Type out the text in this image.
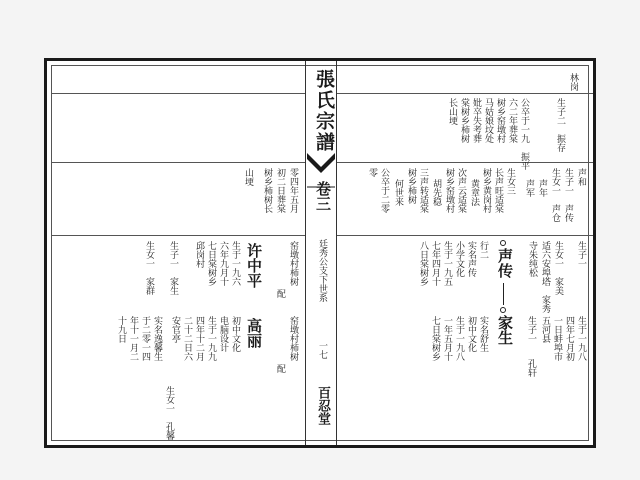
張氏宗譜
卷三
廷秀公支下世系
一七
百忍堂
林岗
生子二　振存
公卒于一九　振平
六二年葬棠
树乡窑墩村
马姑娘坟处
妣卒失考葬
棠树乡柿树
长山埂
声和
生子一　声传
生女一　声仓
声年
声军
生女三
长声旺适棠
树乡黄岗村
黄章法
次声云适棠
树乡窑墩村
胡先稳
三声转适棠
树乡柿树
何世来
公卒于二零
零
生子一
生女一　家美
适六安埠塔　家秀
寺朱纯松
声传
家生
行二
实名声传
小学文化
生于一九五
七年四月十
八日棠树乡
生于一九八
四年七月初
一日蚌埠市
五河县
生子一
孔轩
实名舒生
初中文化
生于一九八
一年五月十
七日棠树乡
零四年五月
初二日葬棠
树乡柿树长
山埂
窑墩村柿树
配
许中平
生于一九六
六年九月十
七日棠树乡
邱岗村
生子一　家生
生女一　家群
窑墩村柿树
配
高丽
初中文化
电脑设计
生于一九九
四年十二月
二十二日六
安官亭
实名逸馨生
于二零一四
年十一月二
十九日
生女一　孔馨
